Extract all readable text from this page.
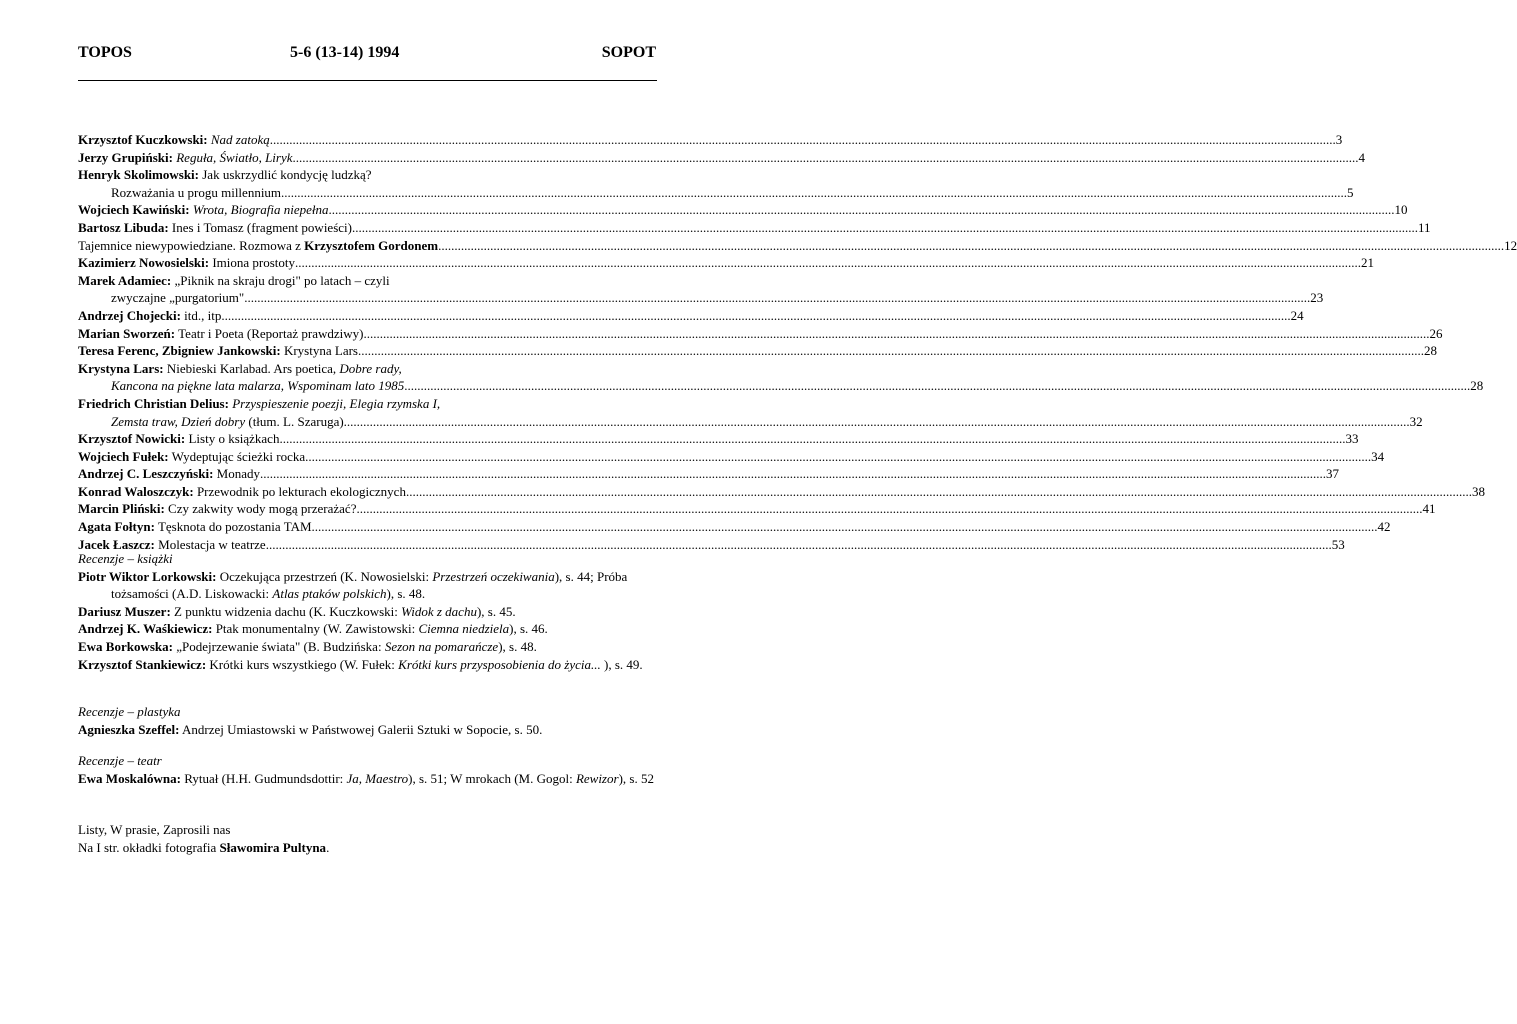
TOPOS	5-6 (13-14) 1994	SOPOT
Krzysztof Kuczkowski: Nad zatoką .....	3
Jerzy Grupiński: Reguła, Światło, Liryk .....	4
Henryk Skolimowski: Jak uskrzydlić kondycję ludzką?
Rozważania u progu millennium .....	5
Wojciech Kawiński: Wrota, Biografia niepełna .....	10
Bartosz Libuda: Ines i Tomasz (fragment powieści) .....	11
Tajemnice niewypowiedziane. Rozmowa z Krzysztofem Gordonem .....	12
Kazimierz Nowosielski: Imiona prostoty .....	21
Marek Adamiec: „Piknik na skraju drogi" po latach – czyli
zwyczajne „purgatorium" .....	23
Andrzej Chojecki: itd., itp. .....	24
Marian Sworzeń: Teatr i Poeta (Reportaż prawdziwy) .....	26
Teresa Ferenc, Zbigniew Jankowski: Krystyna Lars .....	28
Krystyna Lars: Niebieski Karlabad. Ars poetica, Dobre rady,
Kancona na piękne lata malarza, Wspominam lato 1985 .....	28
Friedrich Christian Delius: Przyspieszenie poezji, Elegia rzymska I,
Zemsta traw, Dzień dobry (tłum. L. Szaruga) .....	32
Krzysztof Nowicki: Listy o książkach .....	33
Wojciech Fułek: Wydeptując ścieżki rocka .....	34
Andrzej C. Leszczyński: Monady .....	37
Konrad Waloszczyk: Przewodnik po lekturach ekologicznych .....	38
Marcin Pliński: Czy zakwity wody mogą przerażać? .....	41
Agata Fołtyn: Tęsknota do pozostania TAM .....	42
Jacek Łaszcz: Molestacja w teatrze .....	53
Recenzje – książki
Piotr Wiktor Lorkowski: Oczekująca przestrzeń (K. Nowosielski: Przestrzeń oczekiwania), s. 44; Próba tożsamości (A.D. Liskowacki: Atlas ptaków polskich), s. 48.
Dariusz Muszer: Z punktu widzenia dachu (K. Kuczkowski: Widok z dachu), s. 45.
Andrzej K. Waśkiewicz: Ptak monumentalny (W. Zawistowski: Ciemna niedziela), s. 46.
Ewa Borkowska: „Podejrzewanie świata" (B. Budzińska: Sezon na pomarańcze), s. 48.
Krzysztof Stankiewicz: Krótki kurs wszystkiego (W. Fułek: Krótki kurs przysposobienia do życia... ), s. 49.
Recenzje – plastyka
Agnieszka Szeffel: Andrzej Umiastowski w Państwowej Galerii Sztuki w Sopocie, s. 50.
Recenzje – teatr
Ewa Moskalówna: Rytuał (H.H. Gudmundsdottir: Ja, Maestro), s. 51; W mrokach (M. Gogol: Rewizor), s. 52
Listy, W prasie, Zaprosili nas
Na I str. okładki fotografia Sławomira Pultyna.
